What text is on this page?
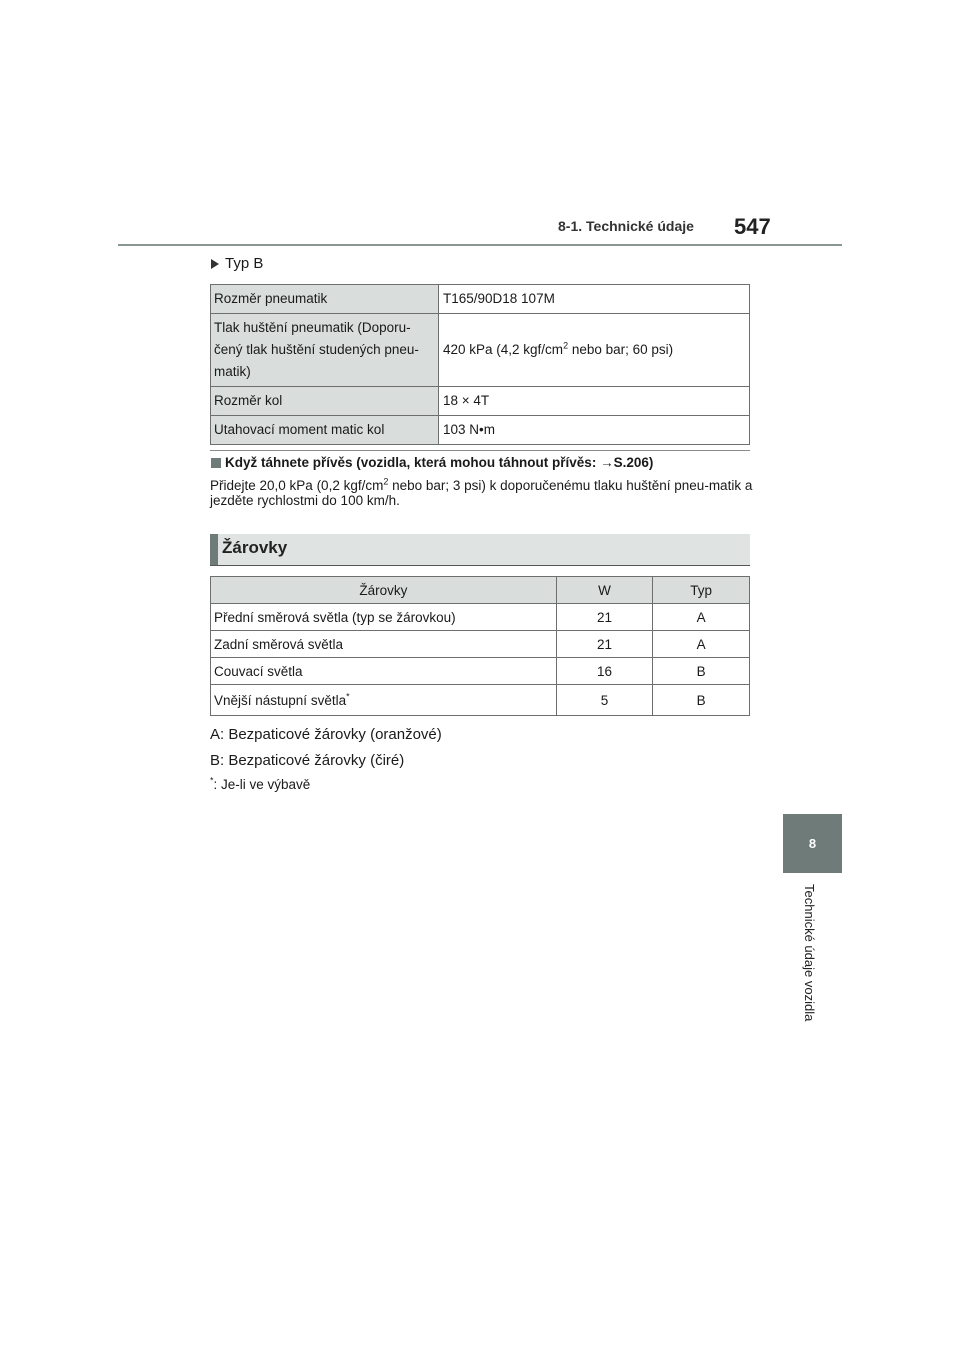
8-1. Technické údaje 547
8
Technické údaje vozidla
Typ B
Rozměr pneumatik	T165/90D18 107M
Tlak huštění pneumatik (Doporu-čený tlak huštění studených pneu-matik)	420 kPa (4,2 kgf/$cm^2$ nebo bar; 60 psi)
Rozměr kol	18 × 4T
Utahovací moment matic kol	103 N•m
Když táhnete přívěs (vozidla, která mohou táhnout přívěs: →S.206)
Přidejte 20,0 kPa (0,2 kgf/$cm^2$ nebo bar; 3 psi) k doporučenému tlaku huštění pneu-matik a jezděte rychlostmi do 100 km/h.
Žárovky
Žárovky	W	Typ
Přední směrová světla (typ se žárovkou)	21	A
Zadní směrová světla	21	A
Couvací světla	16	B
Vnější nástupní světla*	5	B
A: Bezpaticové žárovky (oranžové)
B: Bezpaticové žárovky (čiré)
*: Je-li ve výbavě
